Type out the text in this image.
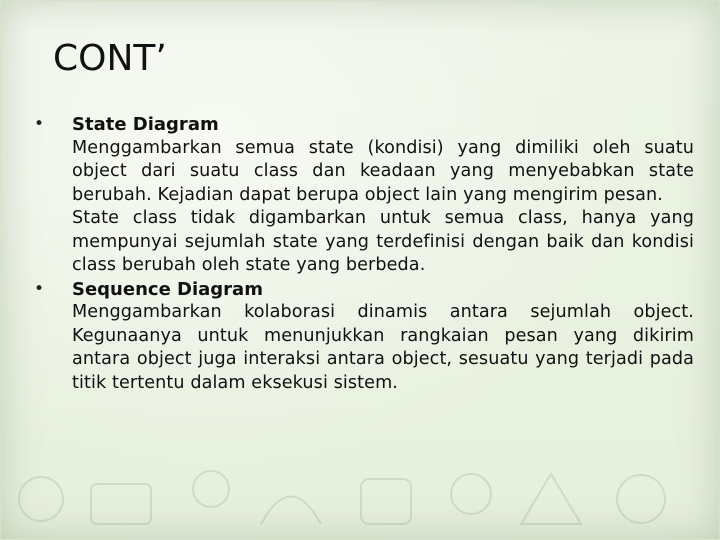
CONT’
• State Diagram

Menggambarkan semua state (kondisi) yang dimiliki oleh suatu object dari suatu class dan keadaan yang menyebabkan state berubah. Kejadian dapat berupa object lain yang mengirim pesan.

State class tidak digambarkan untuk semua class, hanya yang mempunyai sejumlah state yang terdefinisi dengan baik dan kondisi class berubah oleh state yang berbeda.

• Sequence Diagram

Menggambarkan kolaborasi dinamis antara sejumlah object. Kegunaanya untuk menunjukkan rangkaian pesan yang dikirim antara object juga interaksi antara object, sesuatu yang terjadi pada titik tertentu dalam eksekusi sistem.
